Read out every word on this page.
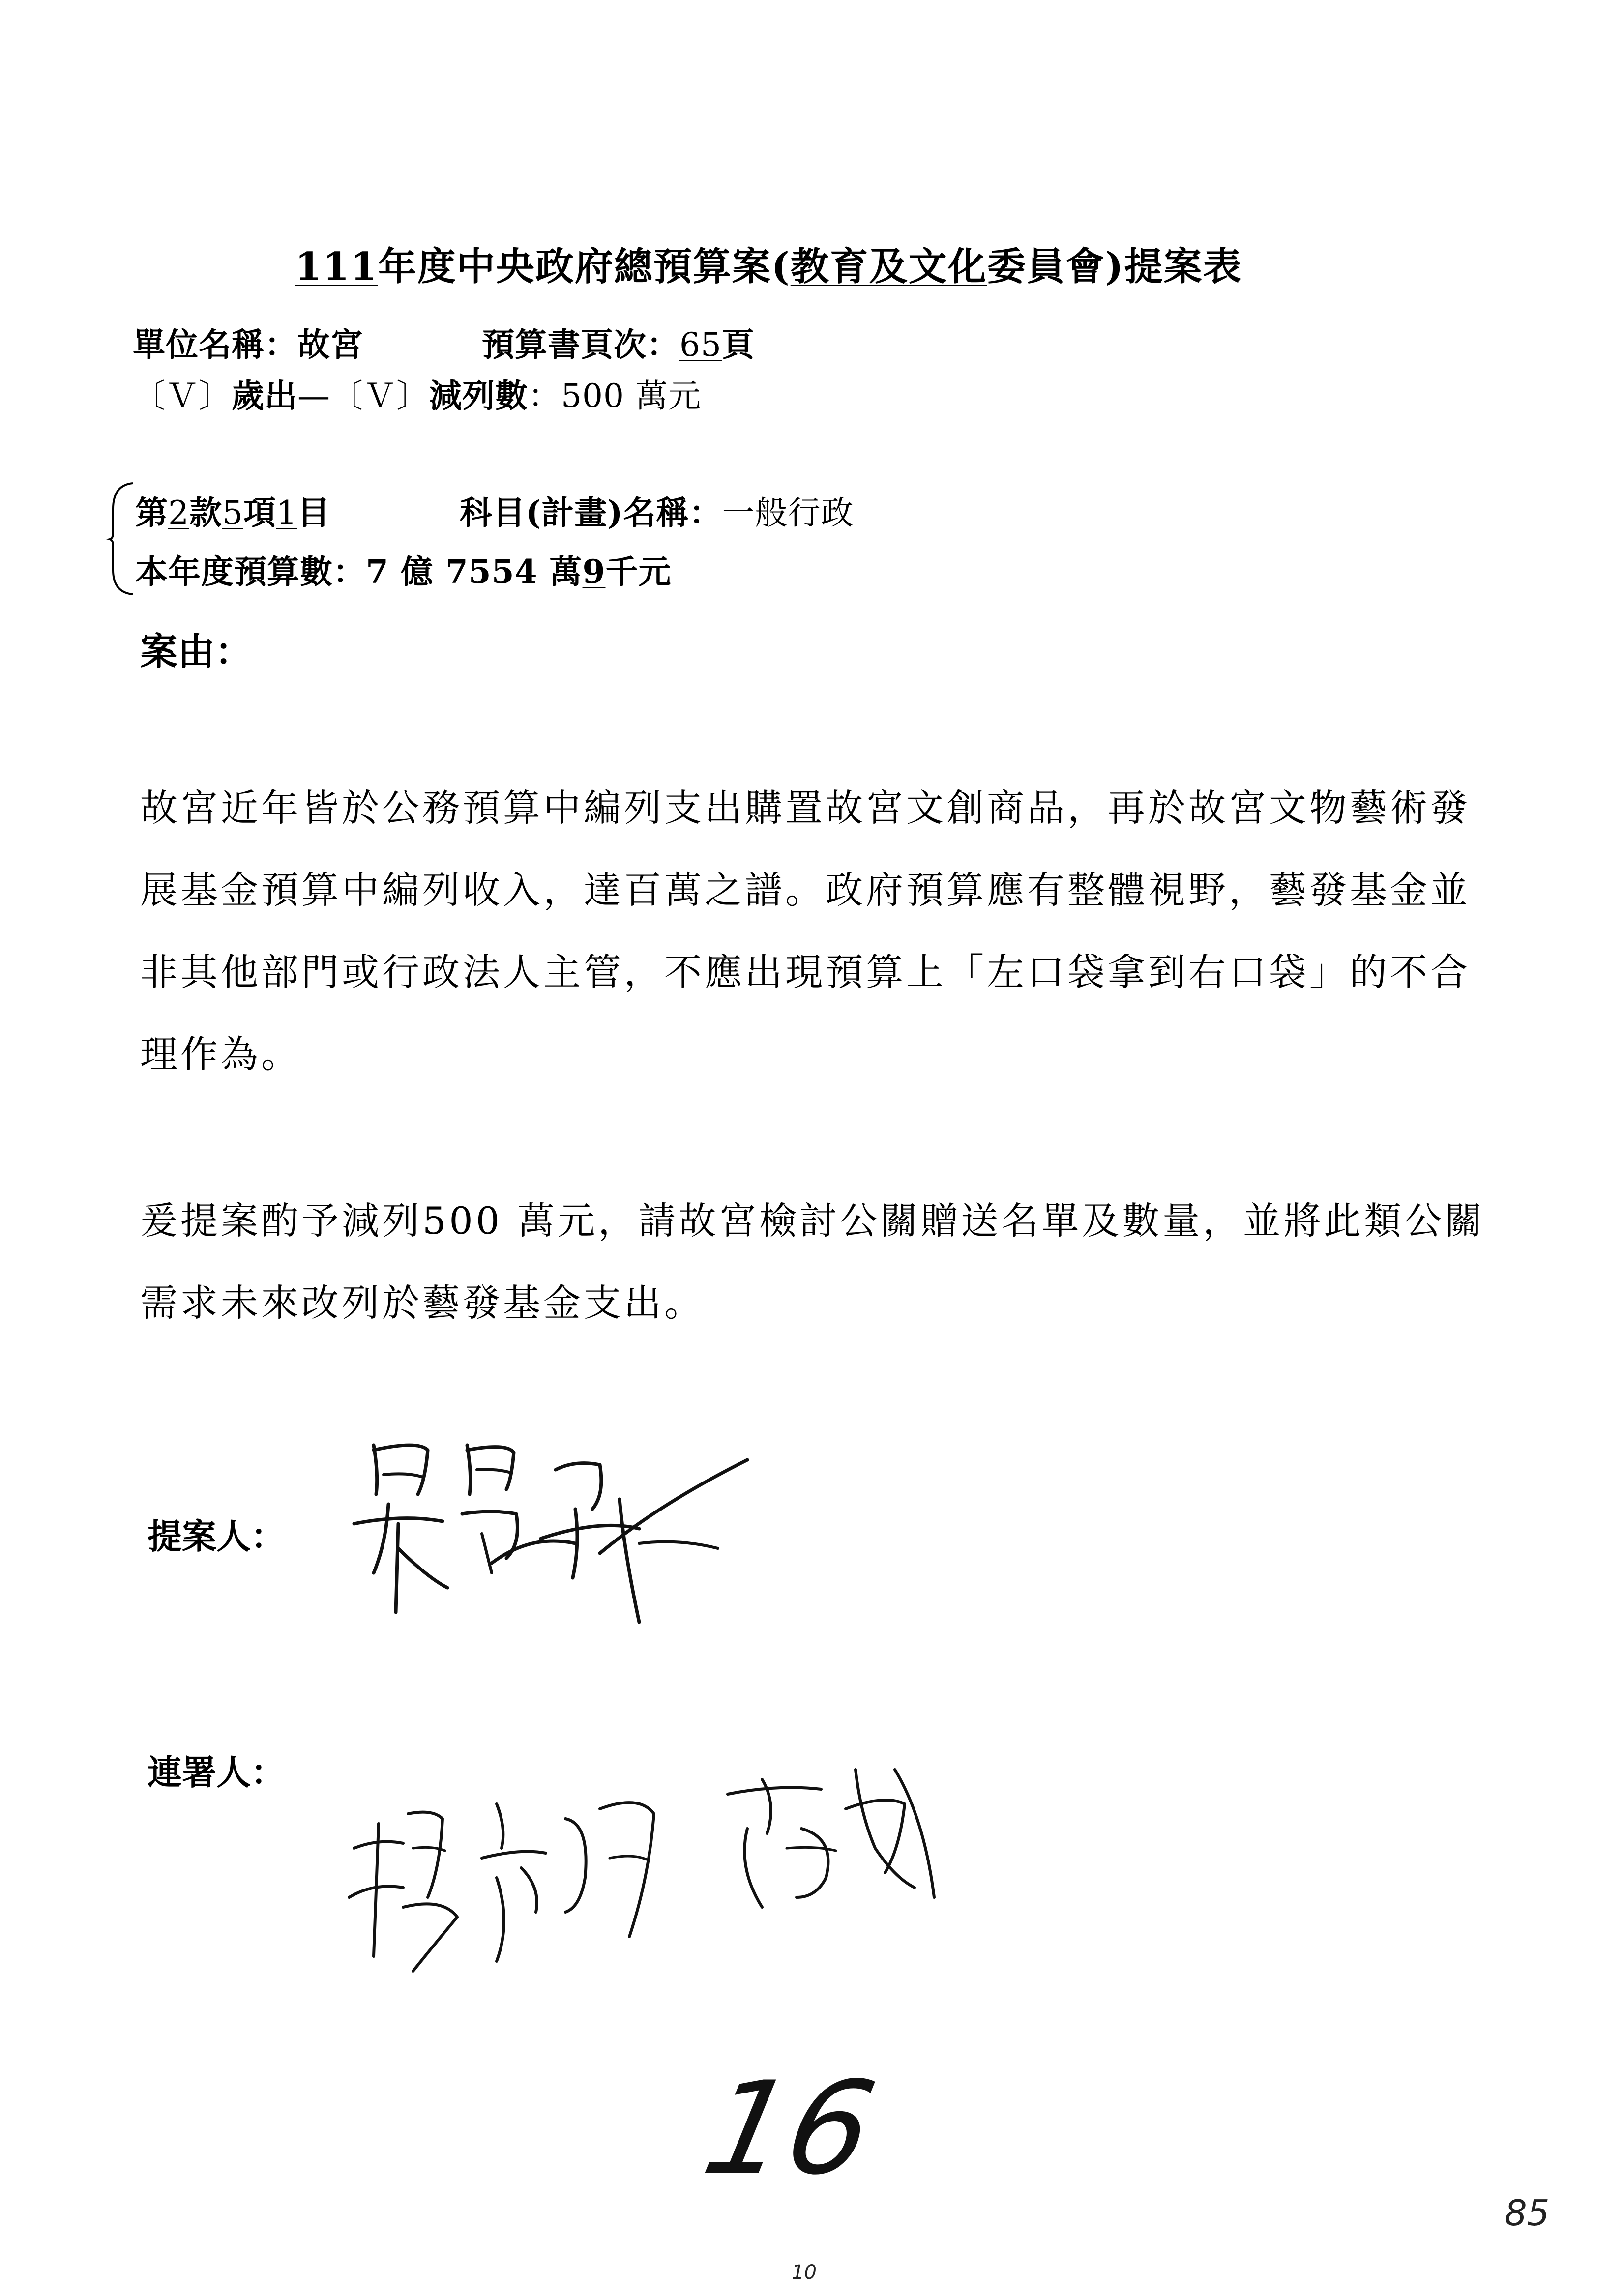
111年度中央政府總預算案(教育及文化委員會)提案表
單位名稱：故宮	預算書頁次：65頁
〔Ｖ〕歲出—〔Ｖ〕減列數：500 萬元
第2款5項1目	科目(計畫)名稱：一般行政
本年度預算數：7 億 7554 萬9千元
案由：
故宮近年皆於公務預算中編列支出購置故宮文創商品，再於故宮文物藝術發展基金預算中編列收入，達百萬之譜。政府預算應有整體視野，藝發基金並非其他部門或行政法人主管，不應出現預算上「左口袋拿到右口袋」的不合理作為。
爰提案酌予減列500 萬元，請故宮檢討公關贈送名單及數量，並將此類公關需求未來改列於藝發基金支出。
提案人：
連署人：
16
85
10
